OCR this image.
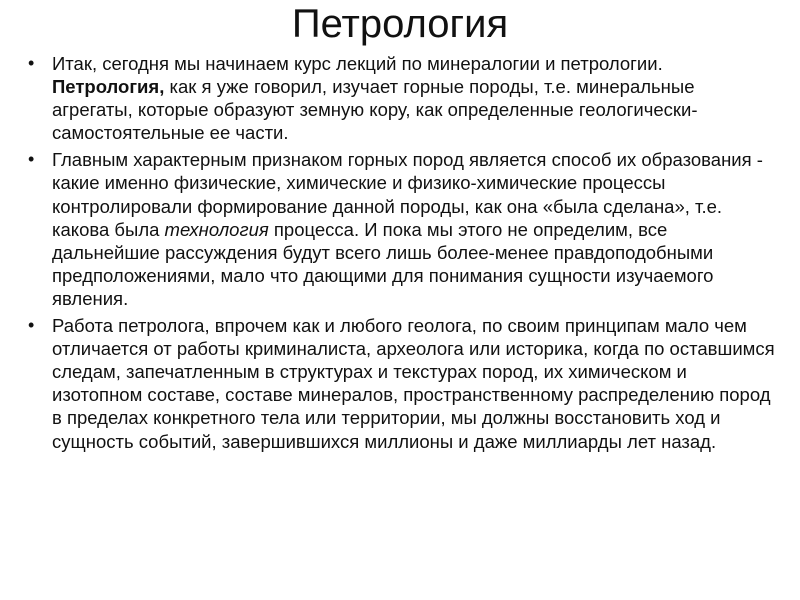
Петрология
• Итак, сегодня мы начинаем курс лекций по минералогии и петрологии. Петрология, как я уже говорил, изучает горные породы, т.е. минеральные агрегаты, которые образуют земную кору, как определенные геологически-самостоятельные ее части.
• Главным характерным признаком горных пород является способ их образования - какие именно физические, химические и физико-химические процессы контролировали формирование данной породы, как она «была сделана», т.е. какова была технология процесса. И пока мы этого не определим, все дальнейшие рассуждения будут всего лишь более-менее правдоподобными предположениями, мало что дающими для понимания сущности изучаемого явления.
• Работа петролога, впрочем как и любого геолога, по своим принципам мало чем отличается от работы криминалиста, археолога или историка, когда по оставшимся следам, запечатленным в структурах и текстурах пород, их химическом и изотопном составе, составе минералов, пространственному распределению пород в пределах конкретного тела или территории, мы должны восстановить ход и сущность событий, завершившихся миллионы и даже миллиарды лет назад.
